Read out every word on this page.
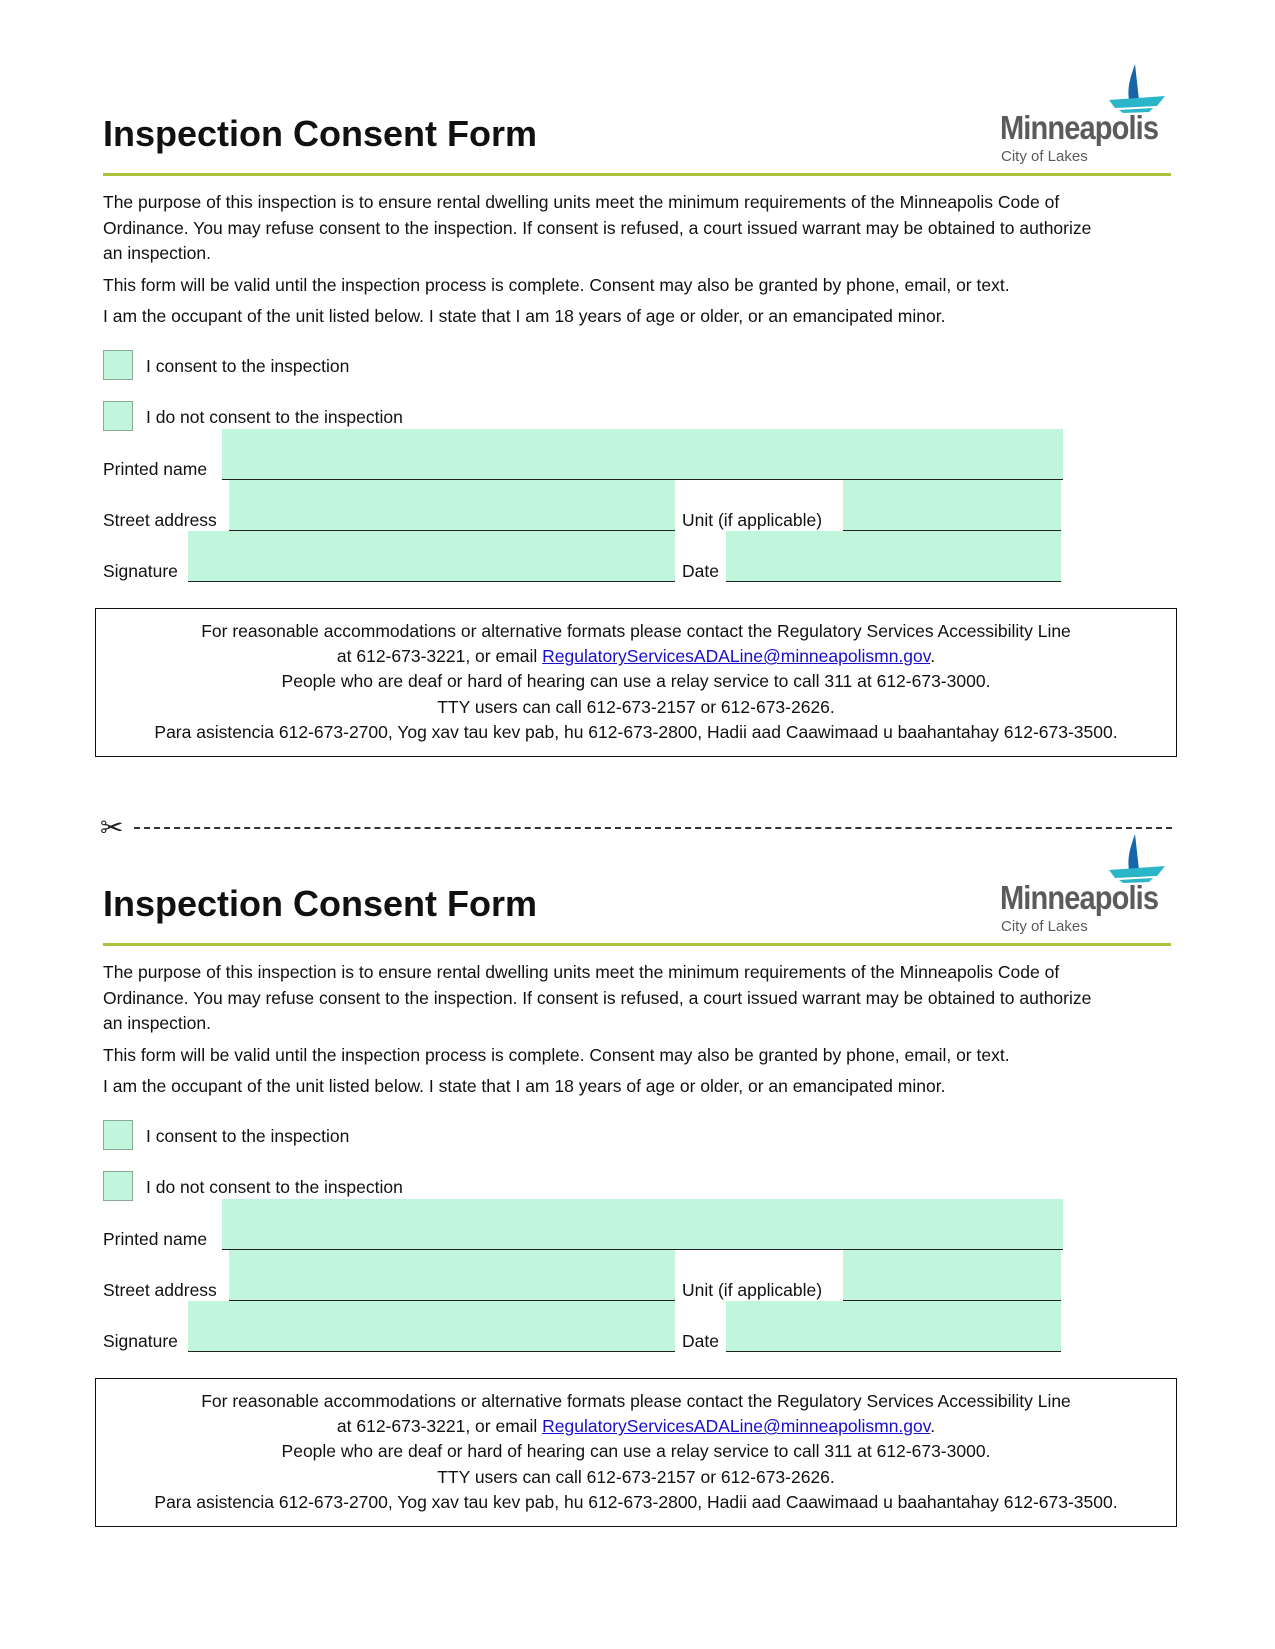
Inspection Consent Form	Minneapolis
City of Lakes

The purpose of this inspection is to ensure rental dwelling units meet the minimum requirements of the Minneapolis Code of Ordinance. You may refuse consent to the inspection. If consent is refused, a court issued warrant may be obtained to authorize an inspection.

This form will be valid until the inspection process is complete. Consent may also be granted by phone, email, or text.

I am the occupant of the unit listed below. I state that I am 18 years of age or older, or an emancipated minor.

I consent to the inspection
I do not consent to the inspection
Printed name
Street address	Unit (if applicable)
Signature	Date
For reasonable accommodations or alternative formats please contact the Regulatory Services Accessibility Line
at 612-673-3221, or email RegulatoryServicesADALine@minneapolismn.gov.
People who are deaf or hard of hearing can use a relay service to call 311 at 612-673-3000.
TTY users can call 612-673-2157 or 612-673-2626.
Para asistencia 612-673-2700, Yog xav tau kev pab, hu 612-673-2800, Hadii aad Caawimaad u baahantahay 612-673-3500.
✂
Inspection Consent Form	Minneapolis
City of Lakes

The purpose of this inspection is to ensure rental dwelling units meet the minimum requirements of the Minneapolis Code of Ordinance. You may refuse consent to the inspection. If consent is refused, a court issued warrant may be obtained to authorize an inspection.

This form will be valid until the inspection process is complete. Consent may also be granted by phone, email, or text.

I am the occupant of the unit listed below. I state that I am 18 years of age or older, or an emancipated minor.

I consent to the inspection
I do not consent to the inspection
Printed name
Street address	Unit (if applicable)
Signature	Date
For reasonable accommodations or alternative formats please contact the Regulatory Services Accessibility Line
at 612-673-3221, or email RegulatoryServicesADALine@minneapolismn.gov.
People who are deaf or hard of hearing can use a relay service to call 311 at 612-673-3000.
TTY users can call 612-673-2157 or 612-673-2626.
Para asistencia 612-673-2700, Yog xav tau kev pab, hu 612-673-2800, Hadii aad Caawimaad u baahantahay 612-673-3500.
